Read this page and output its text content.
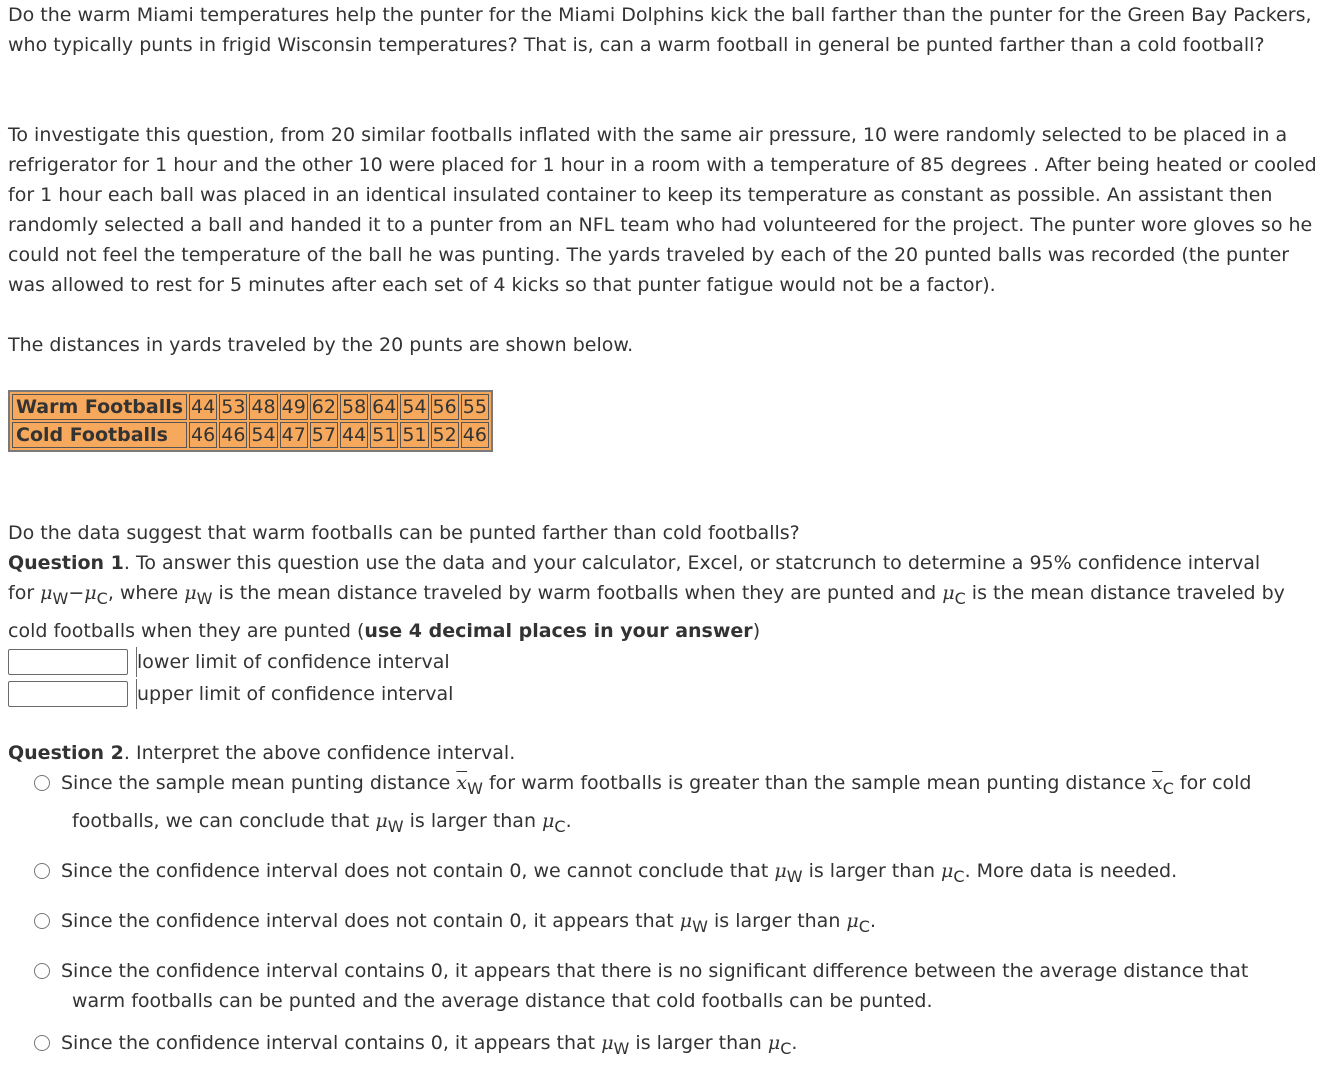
Do the warm Miami temperatures help the punter for the Miami Dolphins kick the ball farther than the punter for the Green Bay Packers, who typically punts in frigid Wisconsin temperatures? That is, can a warm football in general be punted farther than a cold football?

To investigate this question, from 20 similar footballs inflated with the same air pressure, 10 were randomly selected to be placed in a refrigerator for 1 hour and the other 10 were placed for 1 hour in a room with a temperature of 85 degrees . After being heated or cooled for 1 hour each ball was placed in an identical insulated container to keep its temperature as constant as possible. An assistant then randomly selected a ball and handed it to a punter from an NFL team who had volunteered for the project. The punter wore gloves so he could not feel the temperature of the ball he was punting. The yards traveled by each of the 20 punted balls was recorded (the punter was allowed to rest for 5 minutes after each set of 4 kicks so that punter fatigue would not be a factor).

The distances in yards traveled by the 20 punts are shown below.

Warm Footballs	44	53	48	49	62	58	64	54	56	55
Cold Footballs	46	46	54	47	57	44	51	51	52	46

Do the data suggest that warm footballs can be punted farther than cold footballs?

Question 1. To answer this question use the data and your calculator, Excel, or statcrunch to determine a 95% confidence interval

for $\mu_W-\mu_C$, where $\mu_W$ is the mean distance traveled by warm footballs when they are punted and $\mu_C$ is the mean distance traveled by

cold footballs when they are punted (use 4 decimal places in your answer)

lower limit of confidence interval
upper limit of confidence interval

Question 2. Interpret the above confidence interval.

Since the sample mean punting distance $\overline{x}_W$ for warm footballs is greater than the sample mean punting distance $\overline{x}_C$ for cold
footballs, we can conclude that $\mu_W$ is larger than $\mu_C$.
Since the confidence interval does not contain 0, we cannot conclude that $\mu_W$ is larger than $\mu_C$. More data is needed.
Since the confidence interval does not contain 0, it appears that $\mu_W$ is larger than $\mu_C$.
Since the confidence interval contains 0, it appears that there is no significant difference between the average distance that
warm footballs can be punted and the average distance that cold footballs can be punted.
Since the confidence interval contains 0, it appears that $\mu_W$ is larger than $\mu_C$.
